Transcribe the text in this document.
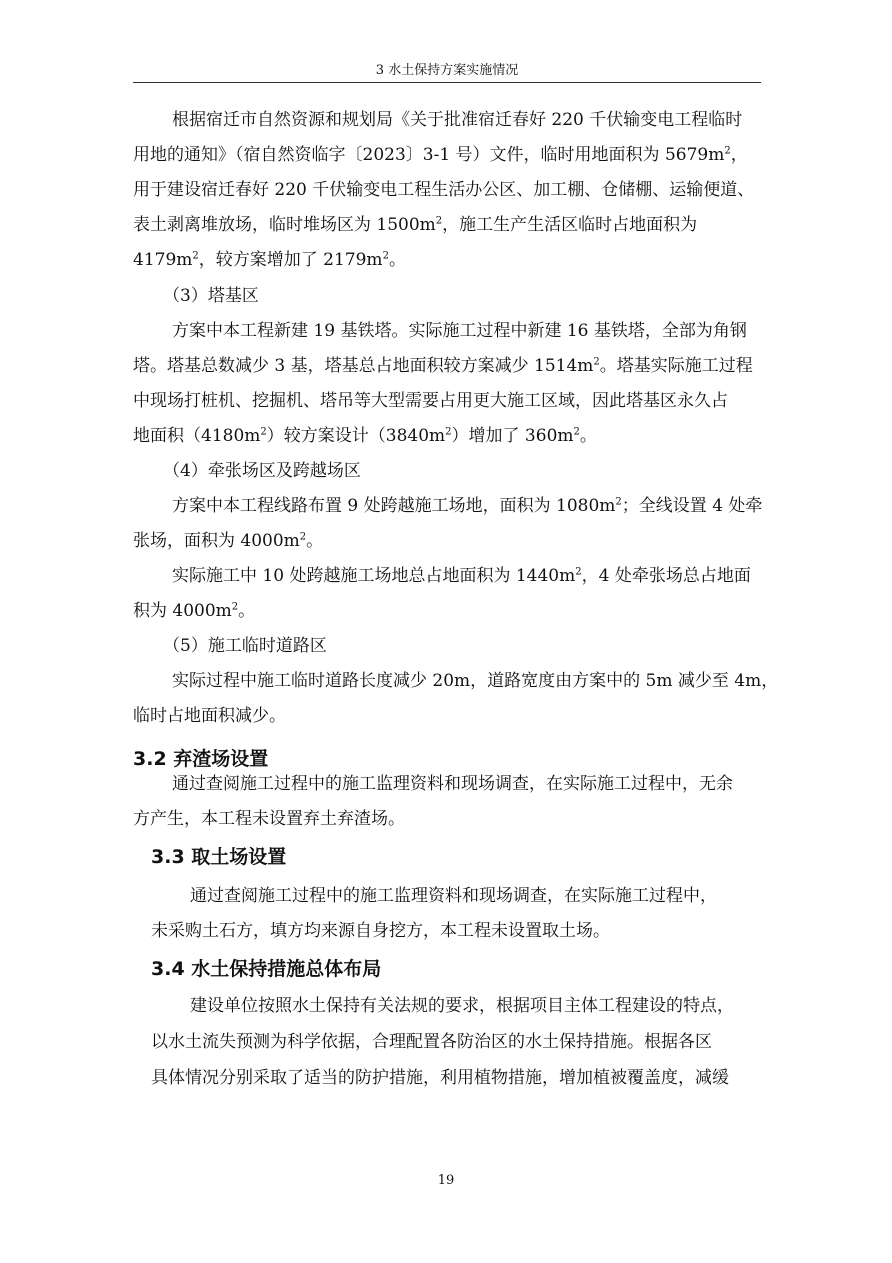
3 水土保持方案实施情况
根据宿迁市自然资源和规划局《关于批准宿迁春好 220 千伏输变电工程临时
用地的通知》（宿自然资临字〔2023〕3-1 号）文件，临时用地面积为 $5679m^2$，
用于建设宿迁春好 220 千伏输变电工程生活办公区、加工棚、仓储棚、运输便道、
表土剥离堆放场，临时堆场区为 $1500m^2$，施工生产生活区临时占地面积为
$4179m^2$，较方案增加了 $2179m^2$。
（3）塔基区
方案中本工程新建 19 基铁塔。实际施工过程中新建 16 基铁塔，全部为角钢
塔。塔基总数减少 3 基，塔基总占地面积较方案减少 $1514m^2$。塔基实际施工过程
中现场打桩机、挖掘机、塔吊等大型需要占用更大施工区域，因此塔基区永久占
地面积$(4180m^2)$较方案设计$(3840m^2)$增加了 $360m^2$。
（4）牵张场区及跨越场区
方案中本工程线路布置 9 处跨越施工场地，面积为 $1080m^2$；全线设置 4 处牵
张场，面积为 $4000m^2$。
实际施工中 10 处跨越施工场地总占地面积为 $1440m^2$，4 处牵张场总占地面
积为 $4000m^2$。
（5）施工临时道路区
实际过程中施工临时道路长度减少 20m，道路宽度由方案中的 5m 减少至 4m，
临时占地面积减少。
3.2 弃渣场设置
通过查阅施工过程中的施工监理资料和现场调查，在实际施工过程中，无余
方产生，本工程未设置弃土弃渣场。
3.3 取土场设置
通过查阅施工过程中的施工监理资料和现场调查，在实际施工过程中，
未采购土石方，填方均来源自身挖方，本工程未设置取土场。
3.4 水土保持措施总体布局
建设单位按照水土保持有关法规的要求，根据项目主体工程建设的特点，
以水土流失预测为科学依据，合理配置各防治区的水土保持措施。根据各区
具体情况分别采取了适当的防护措施，利用植物措施，增加植被覆盖度，减缓
19
